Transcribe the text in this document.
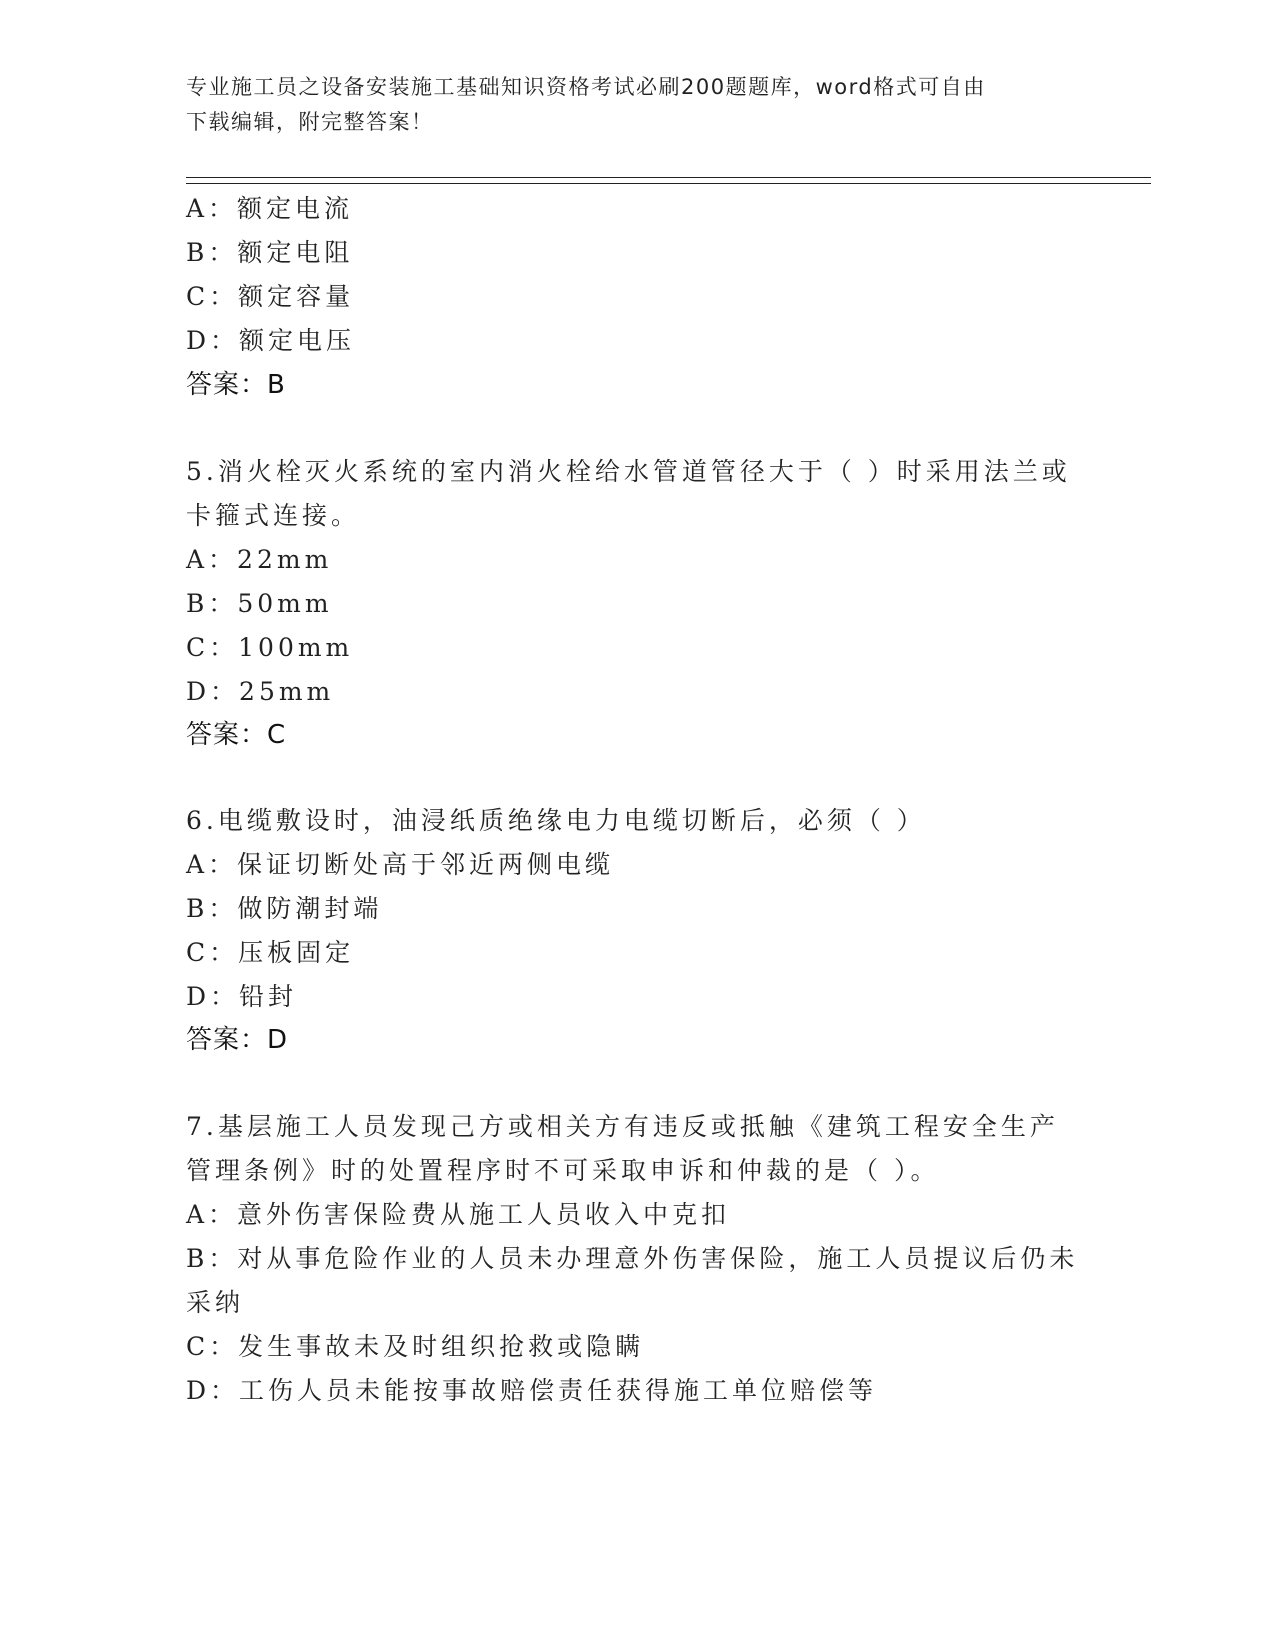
专业施工员之设备安装施工基础知识资格考试必刷200题题库，word格式可自由
下载编辑，附完整答案！
A：额定电流
B：额定电阻
C：额定容量
D：额定电压
答案：B
5.消火栓灭火系统的室内消火栓给水管道管径大于（ ）时采用法兰或
卡箍式连接。
A：22mm
B：50mm
C：100mm
D：25mm
答案：C
6.电缆敷设时，油浸纸质绝缘电力电缆切断后，必须（ ）
A：保证切断处高于邻近两侧电缆
B：做防潮封端
C：压板固定
D：铅封
答案：D
7.基层施工人员发现己方或相关方有违反或抵触《建筑工程安全生产
管理条例》时的处置程序时不可采取申诉和仲裁的是（ ）。
A：意外伤害保险费从施工人员收入中克扣
B：对从事危险作业的人员未办理意外伤害保险，施工人员提议后仍未
采纳
C：发生事故未及时组织抢救或隐瞒
D：工伤人员未能按事故赔偿责任获得施工单位赔偿等
